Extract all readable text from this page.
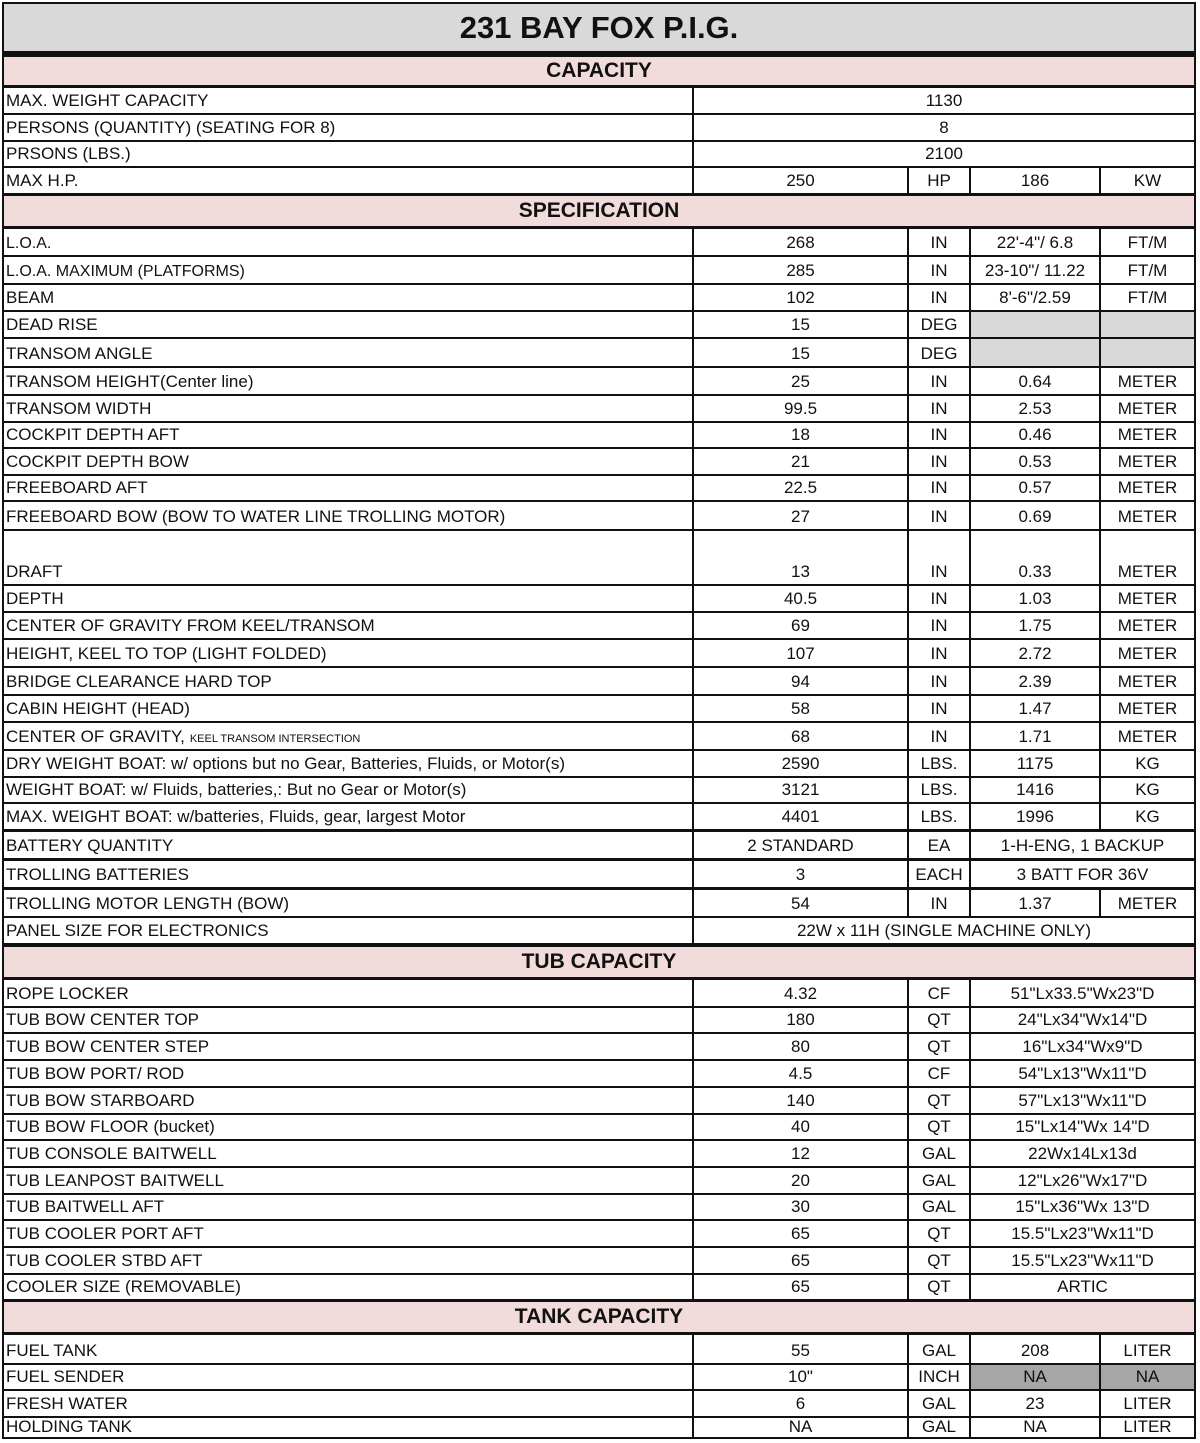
231 BAY FOX P.I.G.
CAPACITY
MAX. WEIGHT CAPACITY	1130
PERSONS (QUANTITY) (SEATING FOR 8)	8
PRSONS (LBS.)	2100
MAX H.P.	250	HP	186	KW
SPECIFICATION
L.O.A.	268	IN	22'-4"/ 6.8	FT/M
L.O.A. MAXIMUM (PLATFORMS)	285	IN	23-10"/ 11.22	FT/M
BEAM	102	IN	8'-6"/2.59	FT/M
DEAD RISE	15	DEG
TRANSOM ANGLE	15	DEG
TRANSOM HEIGHT(Center line)	25	IN	0.64	METER
TRANSOM WIDTH	99.5	IN	2.53	METER
COCKPIT DEPTH AFT	18	IN	0.46	METER
COCKPIT DEPTH BOW	21	IN	0.53	METER
FREEBOARD AFT	22.5	IN	0.57	METER
FREEBOARD BOW (BOW TO WATER LINE TROLLING MOTOR)	27	IN	0.69	METER
DRAFT	13	IN	0.33	METER
DEPTH	40.5	IN	1.03	METER
CENTER OF GRAVITY FROM KEEL/TRANSOM	69	IN	1.75	METER
HEIGHT, KEEL TO TOP (LIGHT FOLDED)	107	IN	2.72	METER
BRIDGE CLEARANCE HARD TOP	94	IN	2.39	METER
CABIN HEIGHT (HEAD)	58	IN	1.47	METER
CENTER OF GRAVITY, KEEL TRANSOM INTERSECTION	68	IN	1.71	METER
DRY WEIGHT BOAT: w/ options but no Gear, Batteries, Fluids, or Motor(s)	2590	LBS.	1175	KG
WEIGHT BOAT: w/ Fluids, batteries,: But no Gear or Motor(s)	3121	LBS.	1416	KG
MAX. WEIGHT BOAT: w/batteries, Fluids, gear, largest Motor	4401	LBS.	1996	KG
BATTERY QUANTITY	2 STANDARD	EA	1-H-ENG, 1 BACKUP
TROLLING BATTERIES	3	EACH	3 BATT FOR 36V
TROLLING MOTOR LENGTH (BOW)	54	IN	1.37	METER
PANEL SIZE FOR ELECTRONICS	22W x 11H (SINGLE MACHINE ONLY)
TUB CAPACITY
ROPE LOCKER	4.32	CF	51"Lx33.5"Wx23"D
TUB BOW CENTER TOP	180	QT	24"Lx34"Wx14"D
TUB BOW CENTER STEP	80	QT	16"Lx34"Wx9"D
TUB BOW PORT/ ROD	4.5	CF	54"Lx13"Wx11"D
TUB BOW STARBOARD	140	QT	57"Lx13"Wx11"D
TUB BOW FLOOR (bucket)	40	QT	15"Lx14"Wx 14"D
TUB CONSOLE BAITWELL	12	GAL	22Wx14Lx13d
TUB LEANPOST BAITWELL	20	GAL	12"Lx26"Wx17"D
TUB BAITWELL AFT	30	GAL	15"Lx36"Wx 13"D
TUB COOLER PORT AFT	65	QT	15.5"Lx23"Wx11"D
TUB COOLER STBD AFT	65	QT	15.5"Lx23"Wx11"D
COOLER SIZE (REMOVABLE)	65	QT	ARTIC
TANK CAPACITY
FUEL TANK	55	GAL	208	LITER
FUEL SENDER	10"	INCH	NA	NA
FRESH WATER	6	GAL	23	LITER
HOLDING TANK	NA	GAL	NA	LITER
